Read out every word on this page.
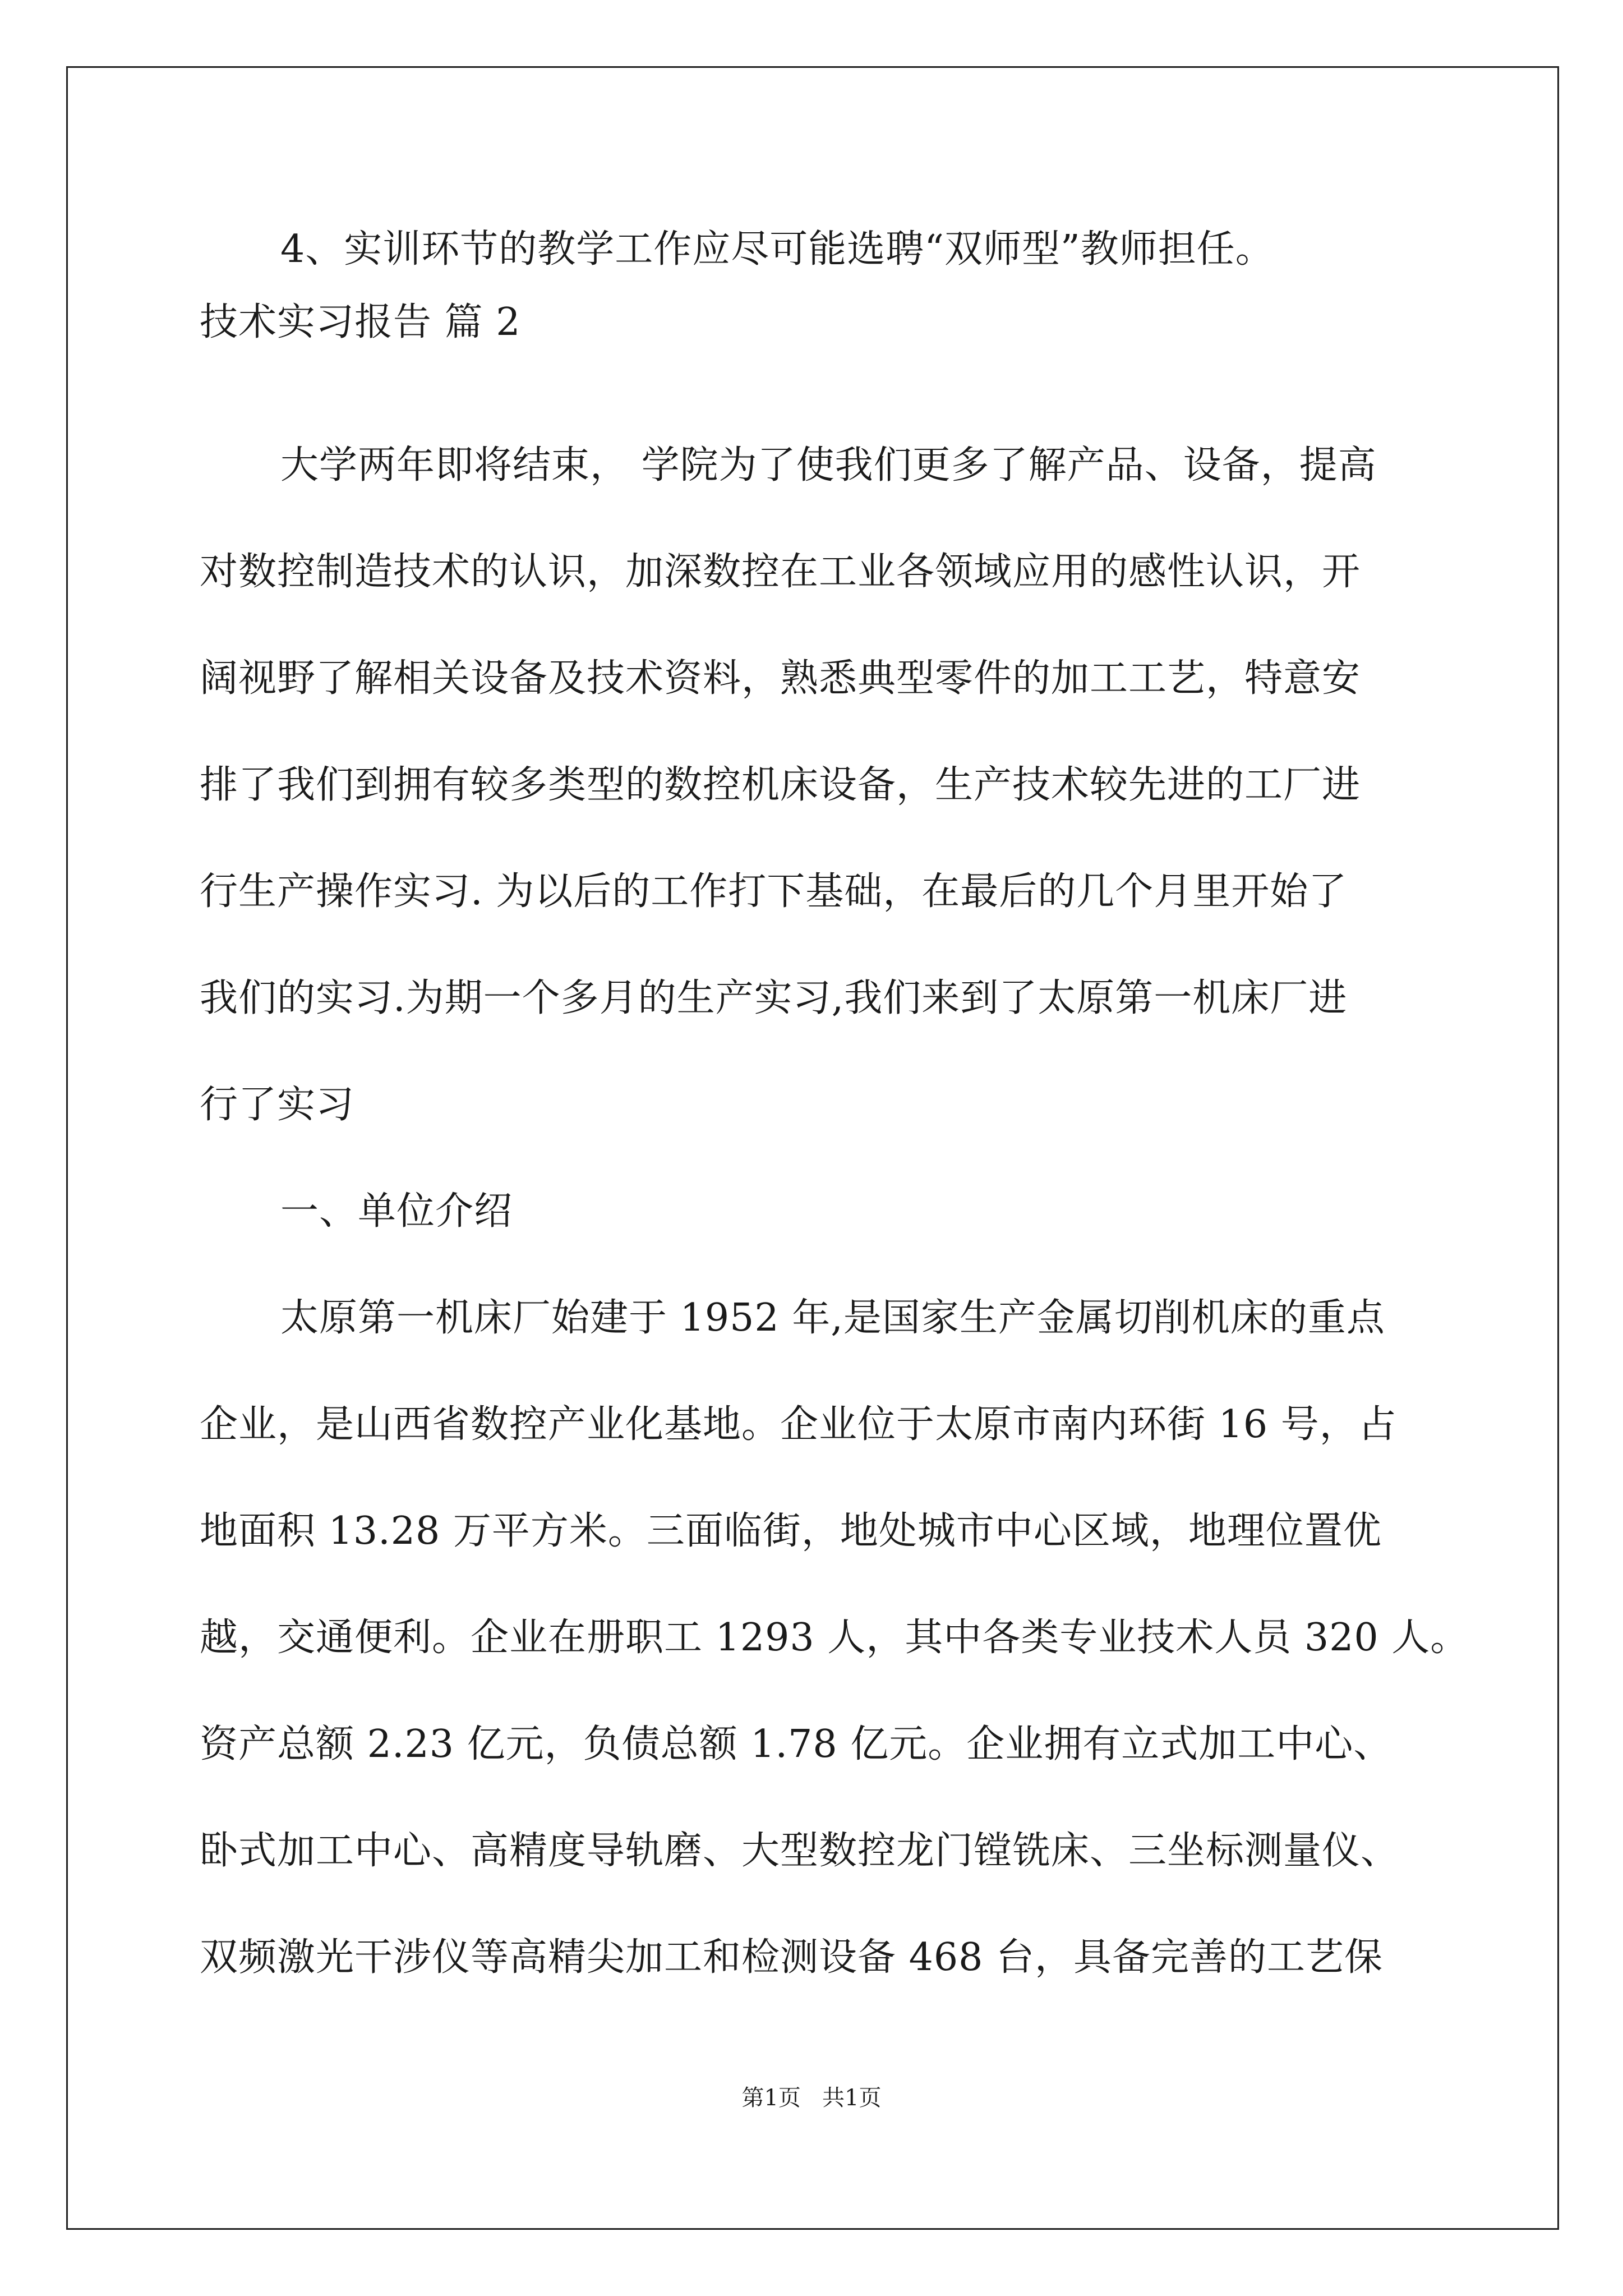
4、实训环节的教学工作应尽可能选聘“双师型”教师担任。
技术实习报告 篇 2
大学两年即将结束， 学院为了使我们更多了解产品、设备，提高
对数控制造技术的认识，加深数控在工业各领域应用的感性认识，开
阔视野了解相关设备及技术资料，熟悉典型零件的加工工艺，特意安
排了我们到拥有较多类型的数控机床设备，生产技术较先进的工厂进
行生产操作实习. 为以后的工作打下基础，在最后的几个月里开始了
我们的实习.为期一个多月的生产实习,我们来到了太原第一机床厂进
行了实习
一、单位介绍
太原第一机床厂始建于 1952 年,是国家生产金属切削机床的重点
企业，是山西省数控产业化基地。企业位于太原市南内环街 16 号，占
地面积 13.28 万平方米。三面临街，地处城市中心区域，地理位置优
越，交通便利。企业在册职工 1293 人，其中各类专业技术人员 320 人。
资产总额 2.23 亿元，负债总额 1.78 亿元。企业拥有立式加工中心、
卧式加工中心、高精度导轨磨、大型数控龙门镗铣床、三坐标测量仪、
双频激光干涉仪等高精尖加工和检测设备 468 台，具备完善的工艺保
第1页   共1页
